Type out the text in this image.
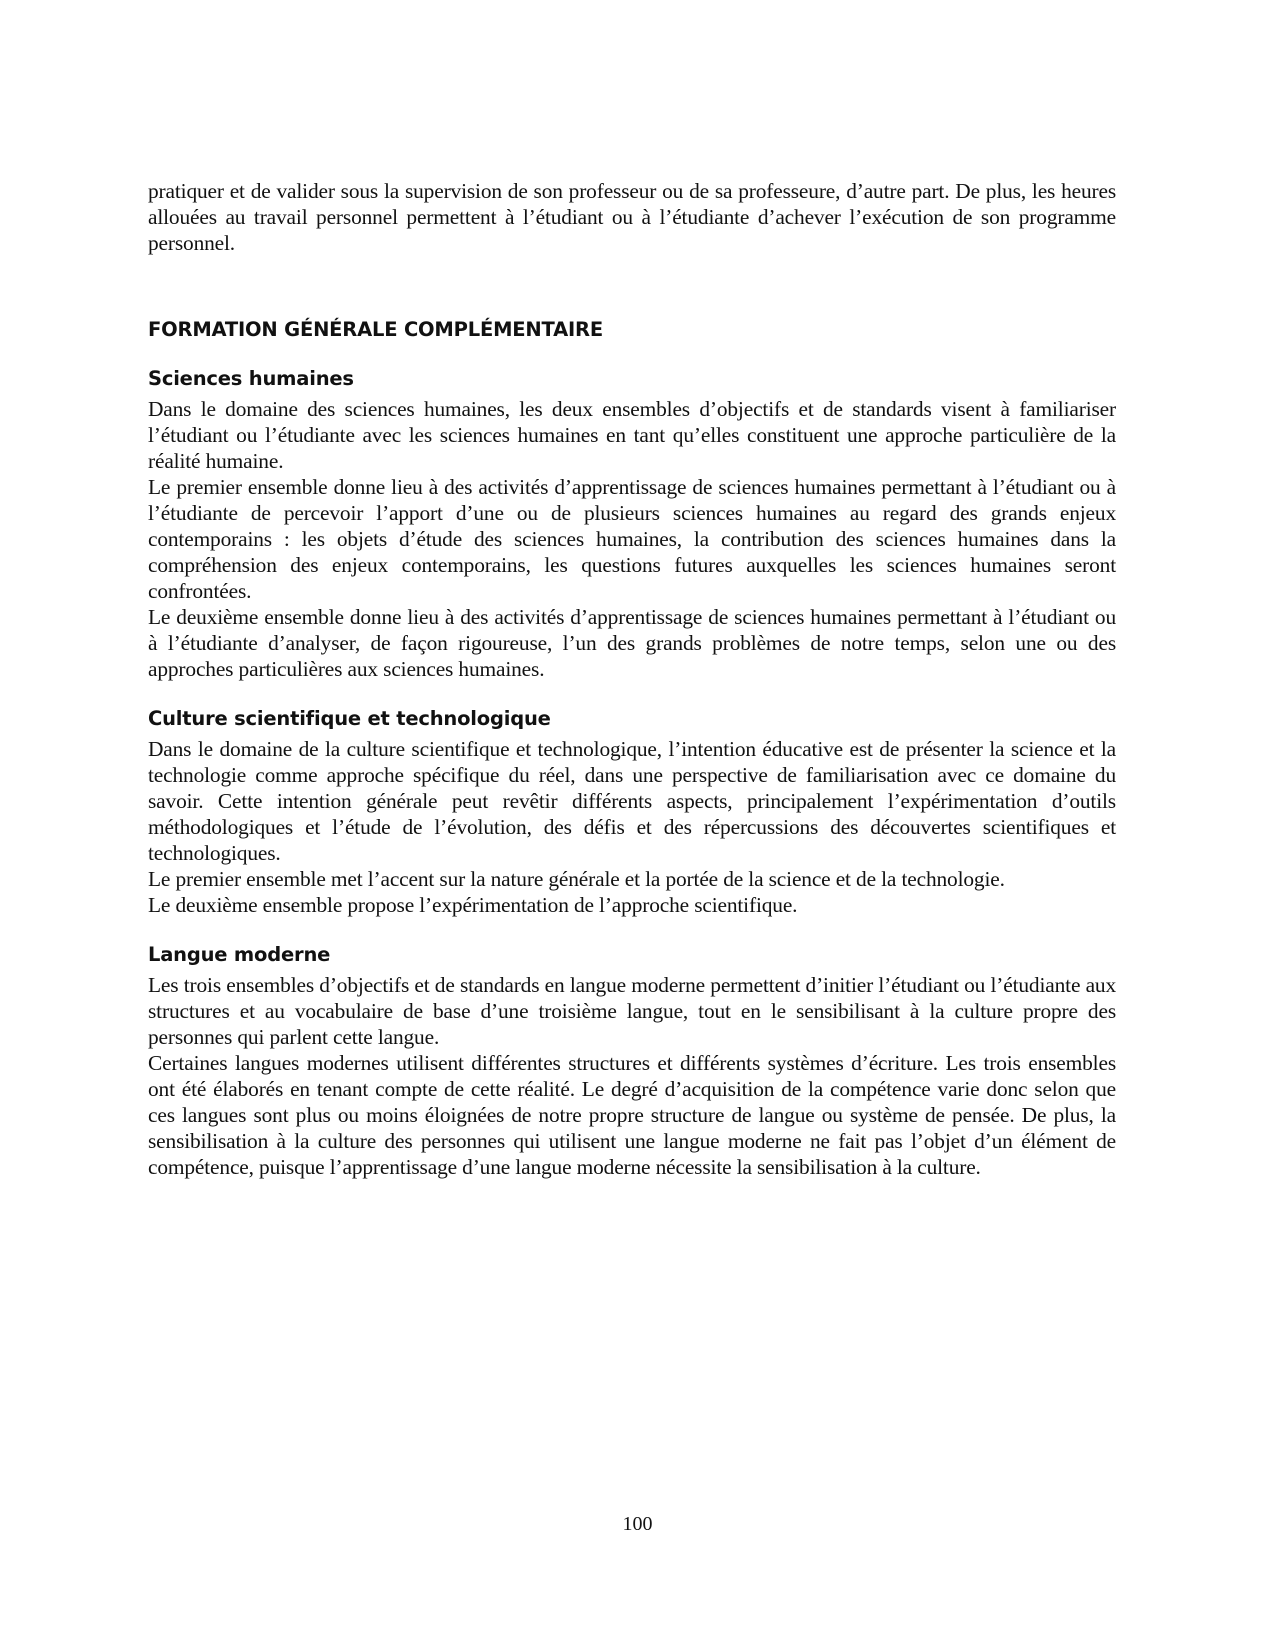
pratiquer et de valider sous la supervision de son professeur ou de sa professeure, d’autre part. De plus, les heures allouées au travail personnel permettent à l’étudiant ou à l’étudiante d’achever l’exécution de son programme personnel.

FORMATION GÉNÉRALE COMPLÉMENTAIRE
Sciences humaines

Dans le domaine des sciences humaines, les deux ensembles d’objectifs et de standards visent à familiariser l’étudiant ou l’étudiante avec les sciences humaines en tant qu’elles constituent une approche particulière de la réalité humaine.

Le premier ensemble donne lieu à des activités d’apprentissage de sciences humaines permettant à l’étudiant ou à l’étudiante de percevoir l’apport d’une ou de plusieurs sciences humaines au regard des grands enjeux contemporains : les objets d’étude des sciences humaines, la contribution des sciences humaines dans la compréhension des enjeux contemporains, les questions futures auxquelles les sciences humaines seront confrontées.

Le deuxième ensemble donne lieu à des activités d’apprentissage de sciences humaines permettant à l’étudiant ou à l’étudiante d’analyser, de façon rigoureuse, l’un des grands problèmes de notre temps, selon une ou des approches particulières aux sciences humaines.

Culture scientifique et technologique

Dans le domaine de la culture scientifique et technologique, l’intention éducative est de présenter la science et la technologie comme approche spécifique du réel, dans une perspective de familiarisation avec ce domaine du savoir. Cette intention générale peut revêtir différents aspects, principalement l’expérimentation d’outils méthodologiques et l’étude de l’évolution, des défis et des répercussions des découvertes scientifiques et technologiques.

Le premier ensemble met l’accent sur la nature générale et la portée de la science et de la technologie.

Le deuxième ensemble propose l’expérimentation de l’approche scientifique.

Langue moderne

Les trois ensembles d’objectifs et de standards en langue moderne permettent d’initier l’étudiant ou l’étudiante aux structures et au vocabulaire de base d’une troisième langue, tout en le sensibilisant à la culture propre des personnes qui parlent cette langue.

Certaines langues modernes utilisent différentes structures et différents systèmes d’écriture. Les trois ensembles ont été élaborés en tenant compte de cette réalité. Le degré d’acquisition de la compétence varie donc selon que ces langues sont plus ou moins éloignées de notre propre structure de langue ou système de pensée. De plus, la sensibilisation à la culture des personnes qui utilisent une langue moderne ne fait pas l’objet d’un élément de compétence, puisque l’apprentissage d’une langue moderne nécessite la sensibilisation à la culture.

100
